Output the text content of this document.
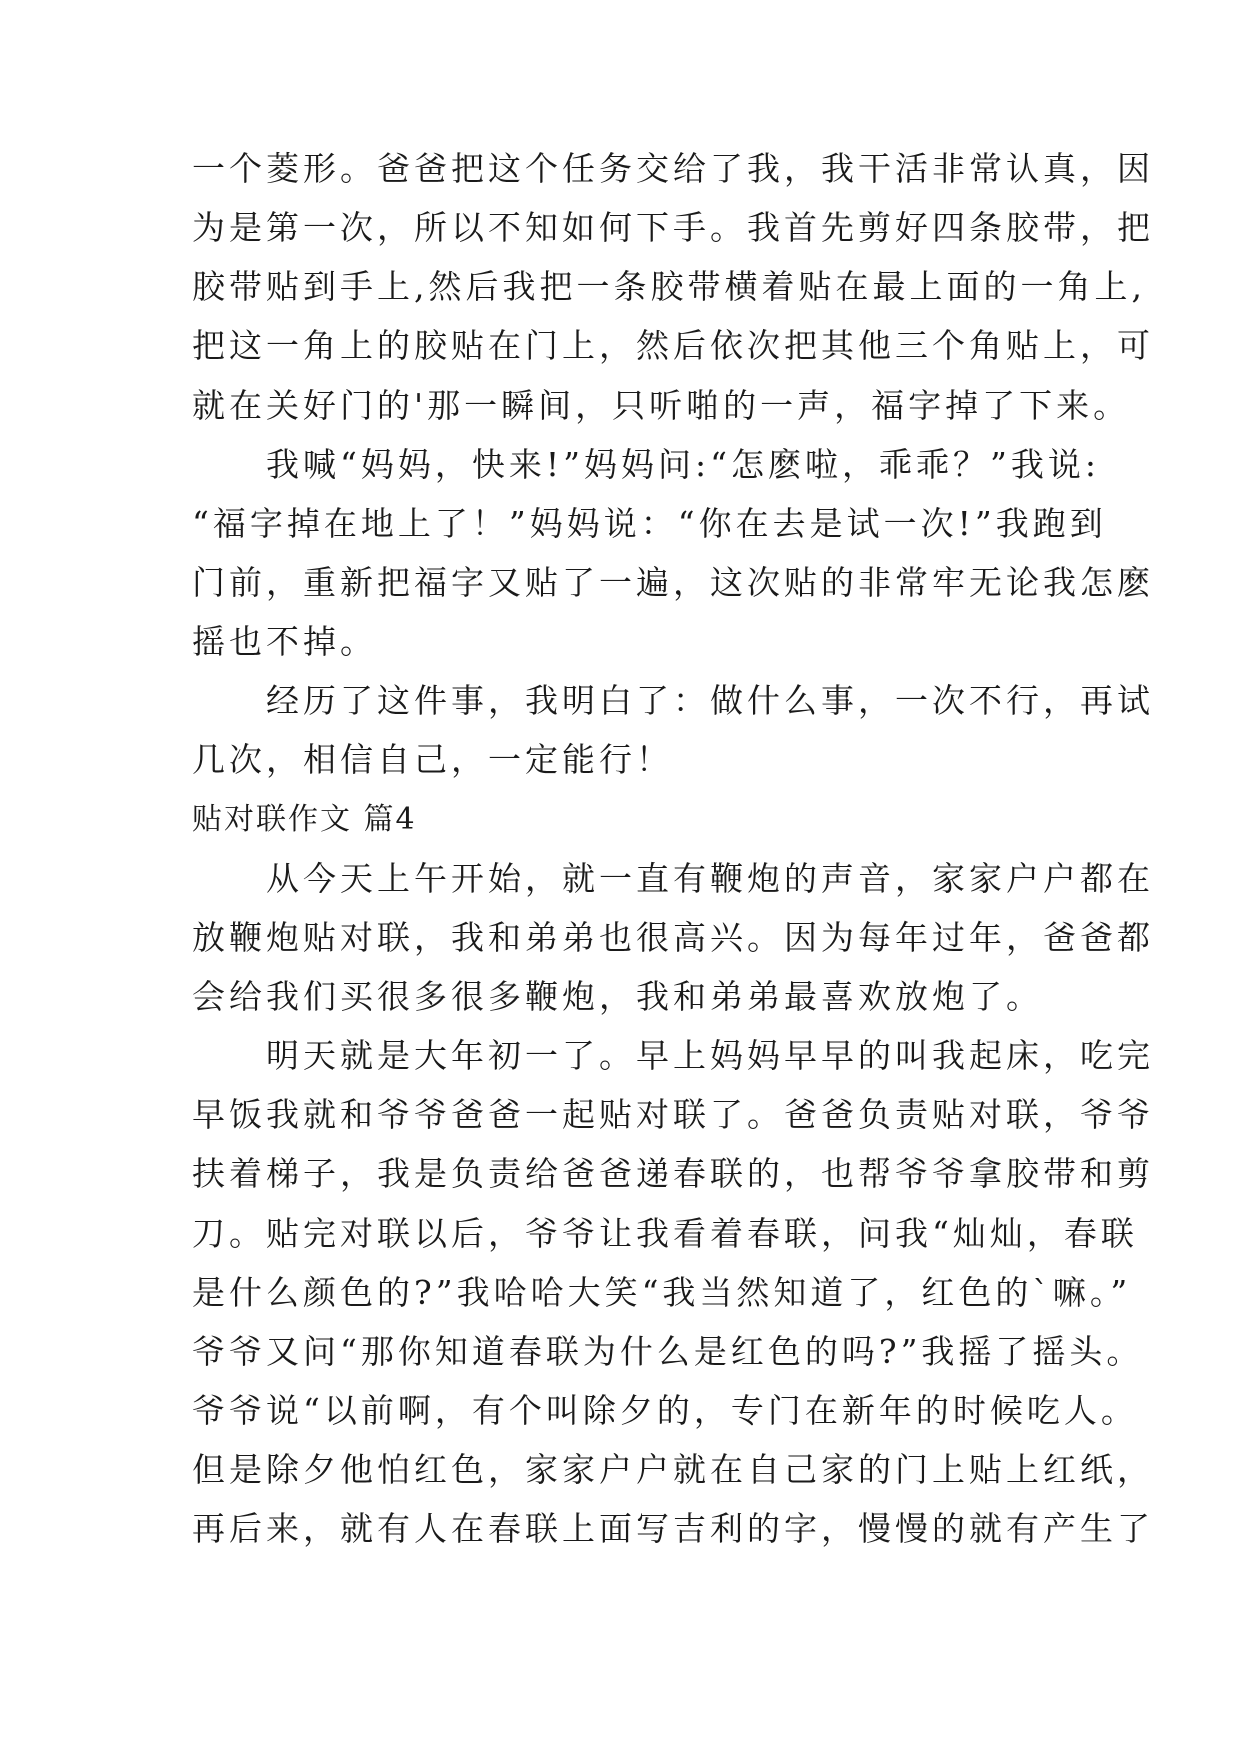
一个菱形。爸爸把这个任务交给了我，我干活非常认真，因
为是第一次，所以不知如何下手。我首先剪好四条胶带，把
胶带贴到手上,然后我把一条胶带横着贴在最上面的一角上,
把这一角上的胶贴在门上，然后依次把其他三个角贴上，可
就在关好门的'那一瞬间，只听啪的一声，福字掉了下来。
　　我喊“妈妈，快来!”妈妈问:“怎麽啦，乖乖？”我说:
“福字掉在地上了！”妈妈说：“你在去是试一次!”我跑到
门前，重新把福字又贴了一遍，这次贴的非常牢无论我怎麽
摇也不掉。
　　经历了这件事，我明白了：做什么事，一次不行，再试
几次，相信自己，一定能行！
贴对联作文 篇4
　　从今天上午开始，就一直有鞭炮的声音，家家户户都在
放鞭炮贴对联，我和弟弟也很高兴。因为每年过年，爸爸都
会给我们买很多很多鞭炮，我和弟弟最喜欢放炮了。
　　明天就是大年初一了。早上妈妈早早的叫我起床，吃完
早饭我就和爷爷爸爸一起贴对联了。爸爸负责贴对联，爷爷
扶着梯子，我是负责给爸爸递春联的，也帮爷爷拿胶带和剪
刀。贴完对联以后，爷爷让我看着春联，问我“灿灿，春联
是什么颜色的?”我哈哈大笑“我当然知道了，红色的`嘛。”
爷爷又问“那你知道春联为什么是红色的吗?”我摇了摇头。
爷爷说“以前啊，有个叫除夕的，专门在新年的时候吃人。
但是除夕他怕红色，家家户户就在自己家的门上贴上红纸，
再后来，就有人在春联上面写吉利的字，慢慢的就有产生了
